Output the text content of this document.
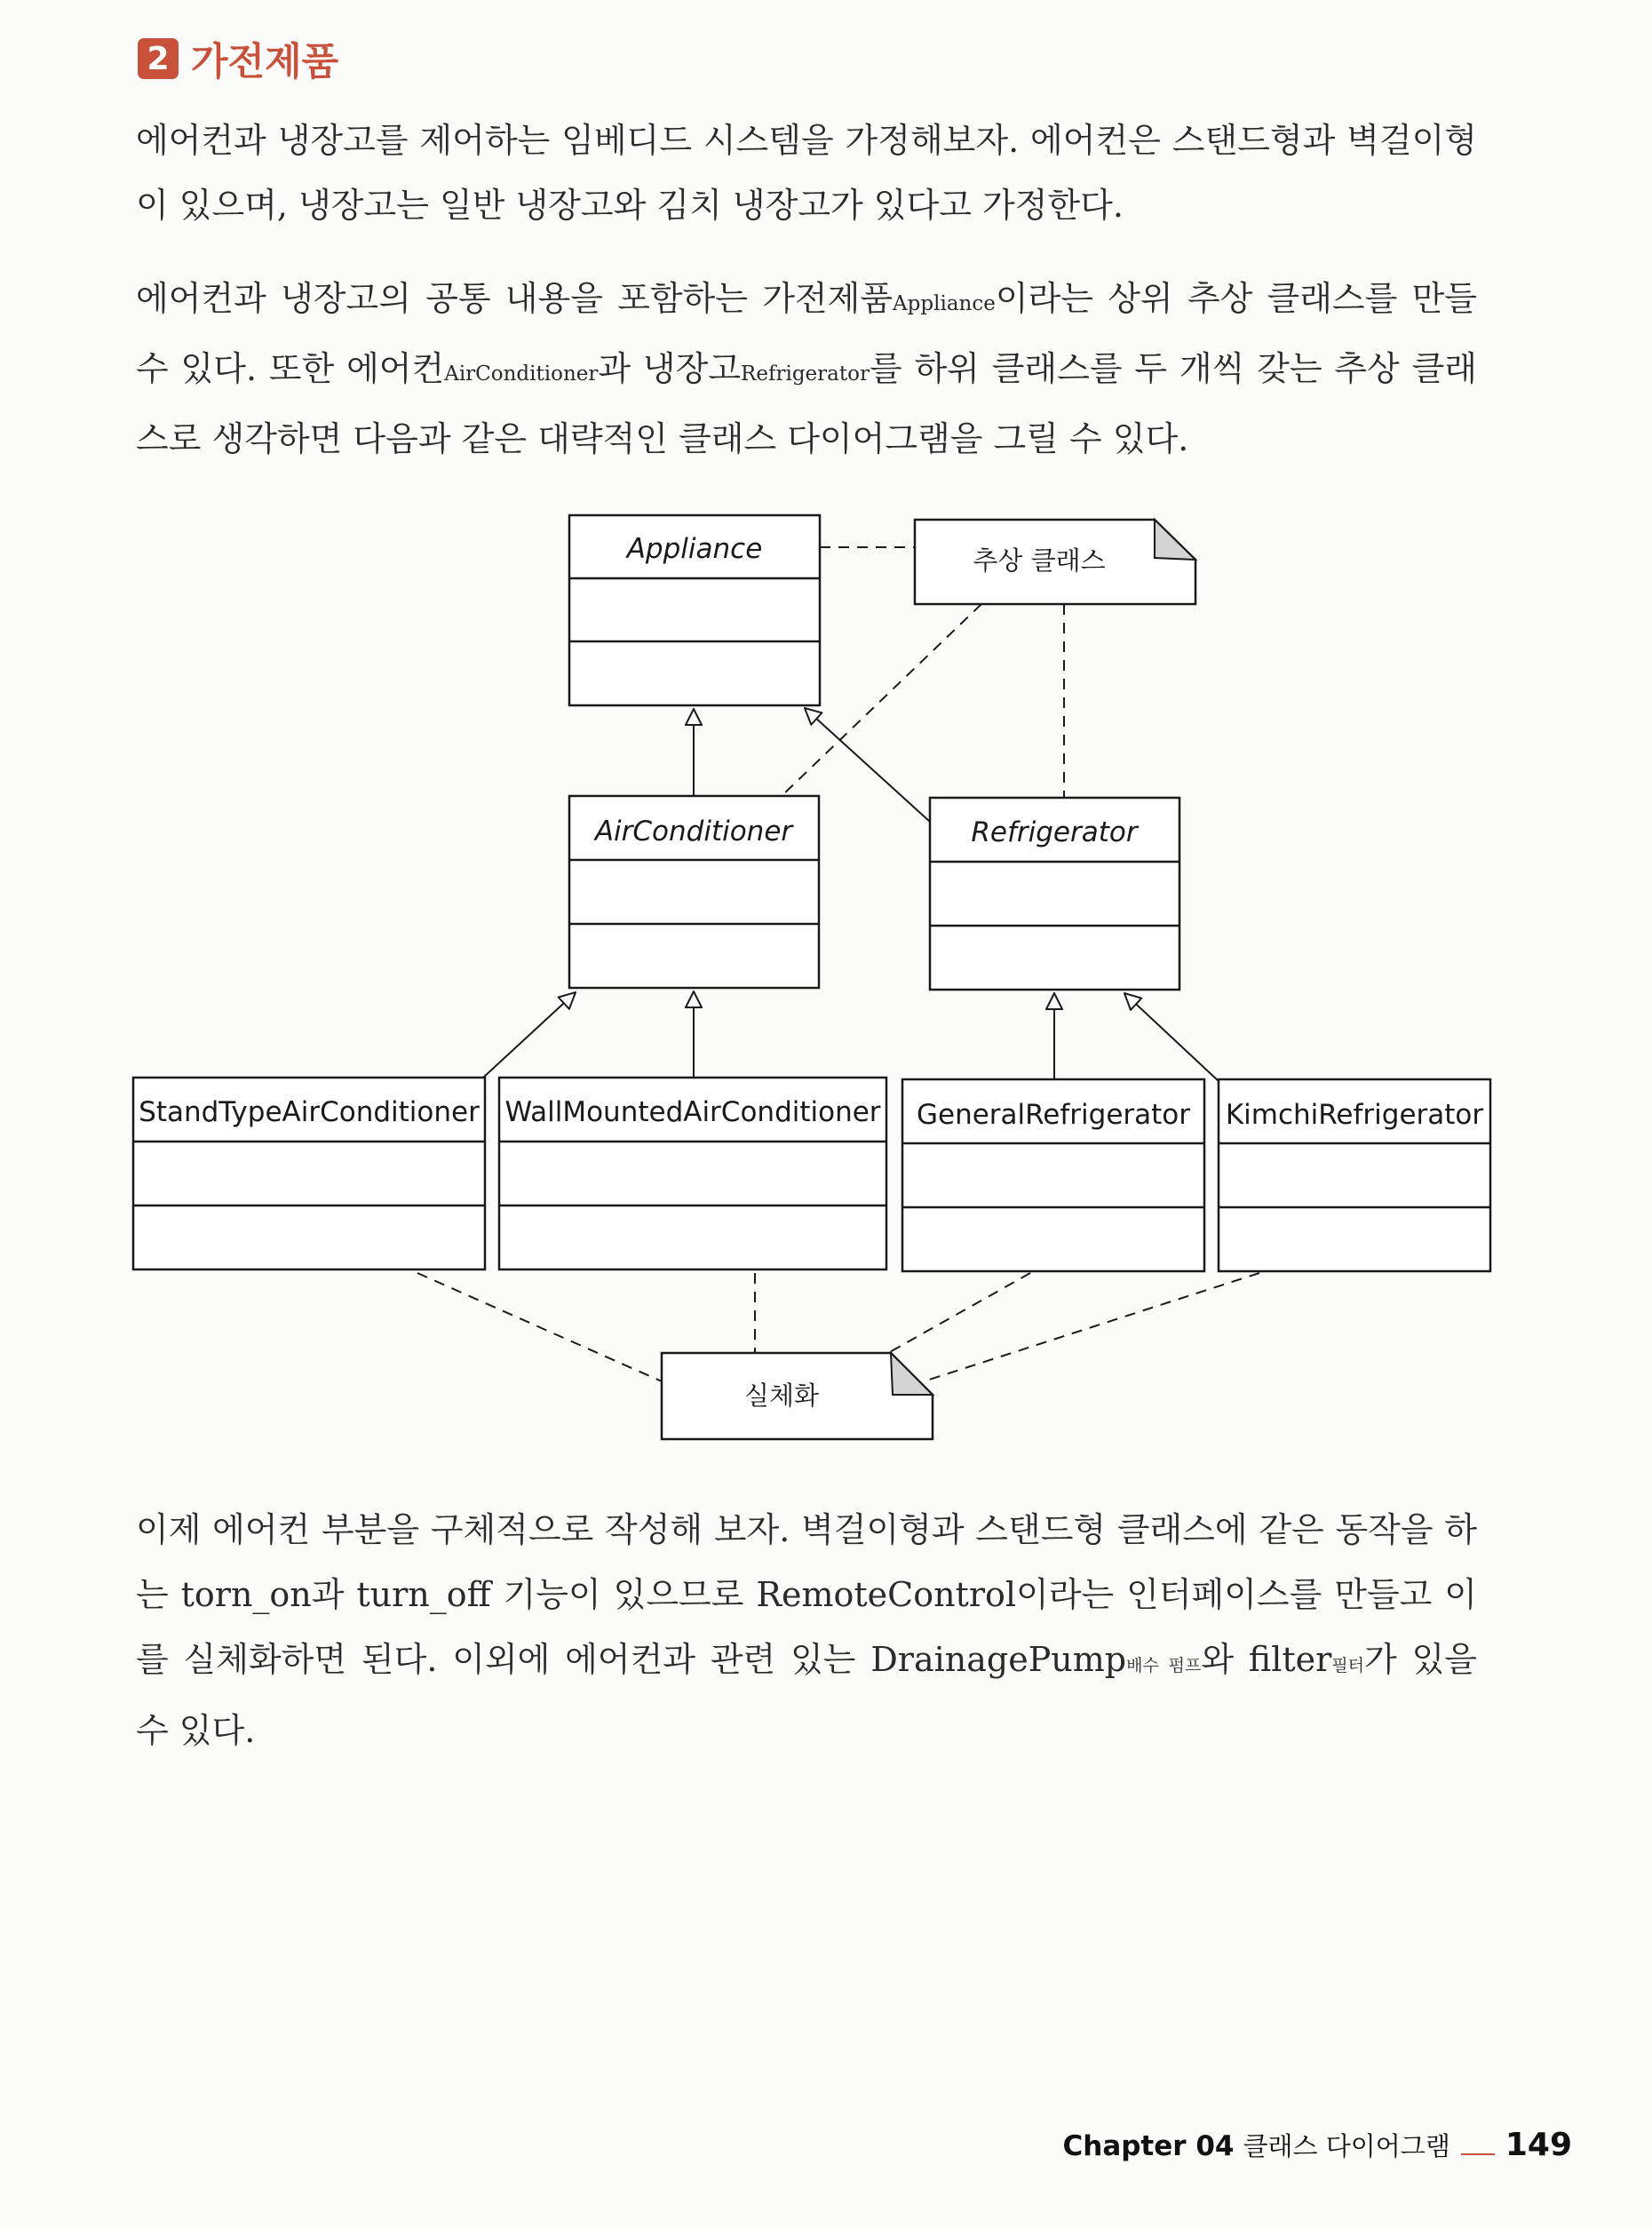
2 가전제품

에어컨과 냉장고를 제어하는 임베디드 시스템을 가정해보자. 에어컨은 스탠드형과 벽걸이형이 있으며, 냉장고는 일반 냉장고와 김치 냉장고가 있다고 가정한다.

에어컨과 냉장고의 공통 내용을 포함하는 가전제품Appliance이라는 상위 추상 클래스를 만들 수 있다. 또한 에어컨AirConditioner과 냉장고Refrigerator를 하위 클래스를 두 개씩 갖는 추상 클래스로 생각하면 다음과 같은 대략적인 클래스 다이어그램을 그릴 수 있다.

Appliance
AirConditioner	Refrigerator
StandTypeAirConditioner WallMountedAirConditioner GeneralRefrigerator KimchiRefrigerator
추상 클래스
실체화

이제 에어컨 부분을 구체적으로 작성해 보자. 벽걸이형과 스탠드형 클래스에 같은 동작을 하는 torn_on과 turn_off 기능이 있으므로 RemoteControl이라는 인터페이스를 만들고 이를 실체화하면 된다. 이외에 에어컨과 관련 있는 DrainagePump배수 펌프와 filter필터가 있을 수 있다.

Chapter 04 클래스 다이어그램 149
